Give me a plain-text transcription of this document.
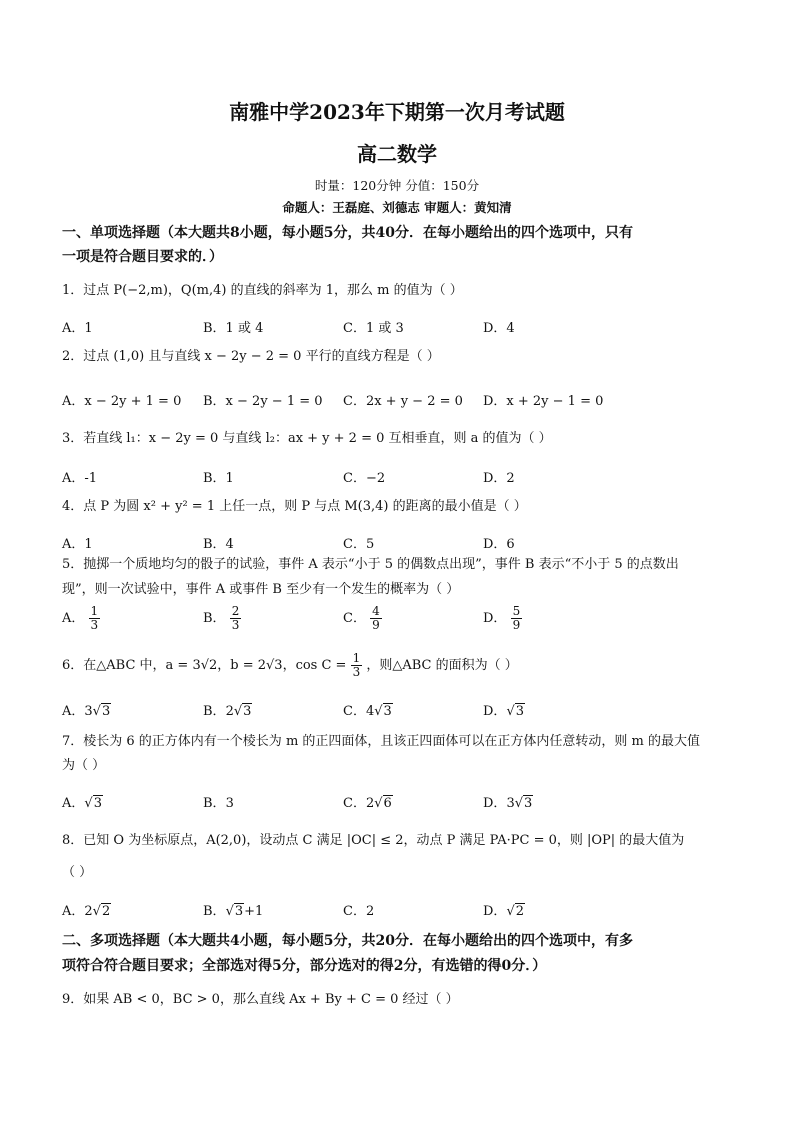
南雅中学2023年下期第一次月考试题
高二数学
时量：120分钟 分值：150分
命题人：王磊庭、刘德志 审题人：黄知清
一、单项选择题（本大题共8小题，每小题5分，共40分．在每小题给出的四个选项中，只有
一项是符合题目要求的．）
1．过点 P(−2,m)，Q(m,4) 的直线的斜率为 1，那么 m 的值为（ ）
A．1	B．1 或 4	C．1 或 3	D．4
2．过点 (1,0) 且与直线 x − 2y − 2 = 0 平行的直线方程是（ ）
A．x − 2y + 1 = 0 B．x − 2y − 1 = 0 C．2x + y − 2 = 0 D．x + 2y − 1 = 0
3．若直线 l₁：x − 2y = 0 与直线 l₂：ax + y + 2 = 0 互相垂直，则 a 的值为（ ）
A．-1	B．1	C．−2	D．2
4．点 P 为圆 x² + y² = 1 上任一点，则 P 与点 M(3,4) 的距离的最小值是（ ）
A．1	B．4	C．5	D．6
5．抛掷一个质地均匀的骰子的试验，事件 A 表示“小于 5 的偶数点出现”，事件 B 表示“不小于 5 的点数出
现”，则一次试验中，事件 A 或事件 B 至少有一个发生的概率为（ ）
A． $\frac{1}{3}$	B． $\frac{2}{3}$	C． $\frac{4}{9}$	D． $\frac{5}{9}$
6．在△ABC 中，a = 3√2，b = 2√3，$\cos C = \frac{1}{3}$ ，则△ABC 的面积为（ ）
A．3√3	B．2√3	C．4√3	D．√3
7．棱长为 6 的正方体内有一个棱长为 m 的正四面体，且该正四面体可以在正方体内任意转动，则 m 的最大值
为（ ）
A．√3	B．3	C．2√6	D．3√3
8．已知 O 为坐标原点，A(2,0)，设动点 C 满足 |OC| ≤ 2，动点 P 满足 PA·PC = 0，则 |OP| 的最大值为
（ ）
A．2√2	B．√3+1	C．2	D．√2
二、多项选择题（本大题共4小题，每小题5分，共20分．在每小题给出的四个选项中，有多
项符合符合题目要求；全部选对得5分，部分选对的得2分，有选错的得0分．）
9．如果 AB < 0，BC > 0，那么直线 Ax + By + C = 0 经过（ ）
